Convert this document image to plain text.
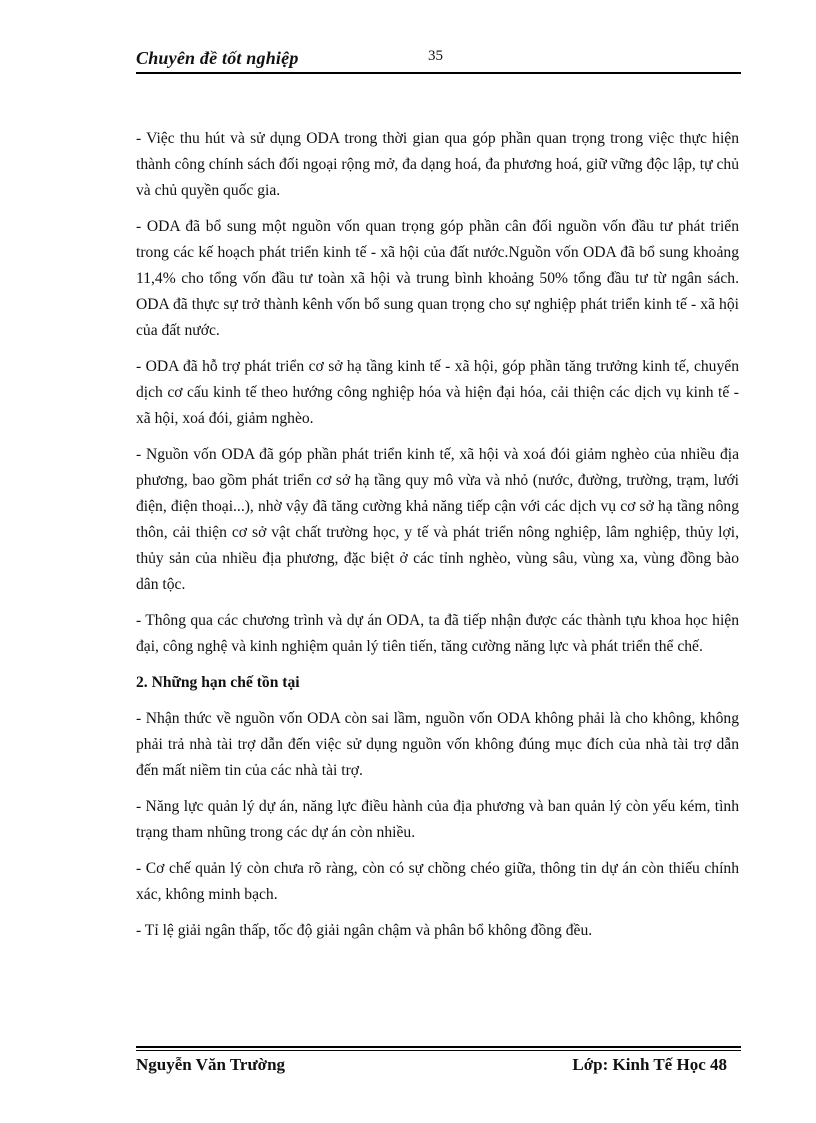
Chuyên đề tốt nghiệp	35

- Việc thu hút và sử dụng ODA trong thời gian qua góp phần quan trọng trong việc thực hiện thành công chính sách đối ngoại rộng mở, đa dạng hoá, đa phương hoá, giữ vững độc lập, tự chủ và chủ quyền quốc gia.

- ODA đã bổ sung một nguồn vốn quan trọng góp phần cân đối nguồn vốn đầu tư phát triển trong các kế hoạch phát triển kinh tế - xã hội của đất nước.Nguồn vốn ODA đã bổ sung khoảng 11,4% cho tổng vốn đầu tư toàn xã hội và trung bình khoảng 50% tổng đầu tư từ ngân sách. ODA đã thực sự trở thành kênh vốn bổ sung quan trọng cho sự nghiệp phát triển kinh tế - xã hội của đất nước.

- ODA đã hỗ trợ phát triển cơ sở hạ tầng kinh tế - xã hội, góp phần tăng trưởng kinh tế, chuyển dịch cơ cấu kinh tế theo hướng công nghiệp hóa và hiện đại hóa, cải thiện các dịch vụ kinh tế - xã hội, xoá đói, giảm nghèo.

- Nguồn vốn ODA đã góp phần phát triển kinh tế, xã hội và xoá đói giảm nghèo của nhiều địa phương, bao gồm phát triển cơ sở hạ tầng quy mô vừa và nhỏ (nước, đường, trường, trạm, lưới điện, điện thoại...), nhờ vậy đã tăng cường khả năng tiếp cận với các dịch vụ cơ sở hạ tầng nông thôn, cải thiện cơ sở vật chất trường học, y tế và phát triển nông nghiệp, lâm nghiệp, thủy lợi, thủy sản của nhiều địa phương, đặc biệt ở các tỉnh nghèo, vùng sâu, vùng xa, vùng đồng bào dân tộc.

- Thông qua các chương trình và dự án ODA, ta đã tiếp nhận được các thành tựu khoa học hiện đại, công nghệ và kinh nghiệm quản lý tiên tiến, tăng cường năng lực và phát triển thể chế.

2. Những hạn chế tồn tại

- Nhận thức về nguồn vốn ODA còn sai lầm, nguồn vốn ODA không phải là cho không, không phải trả nhà tài trợ dẫn đến việc sử dụng nguồn vốn không đúng mục đích của nhà tài trợ dẫn đến mất niềm tin của các nhà tài trợ.

- Năng lực quản lý dự án, năng lực điều hành của địa phương và ban quản lý còn yếu kém, tình trạng tham nhũng trong các dự án còn nhiều.

- Cơ chế quản lý còn chưa rõ ràng, còn có sự chồng chéo giữa, thông tin dự án còn thiếu chính xác, không minh bạch.

- Tỉ lệ giải ngân thấp, tốc độ giải ngân chậm và phân bổ không đồng đều.

Nguyễn Văn Trường	Lớp: Kinh Tế Học 48
